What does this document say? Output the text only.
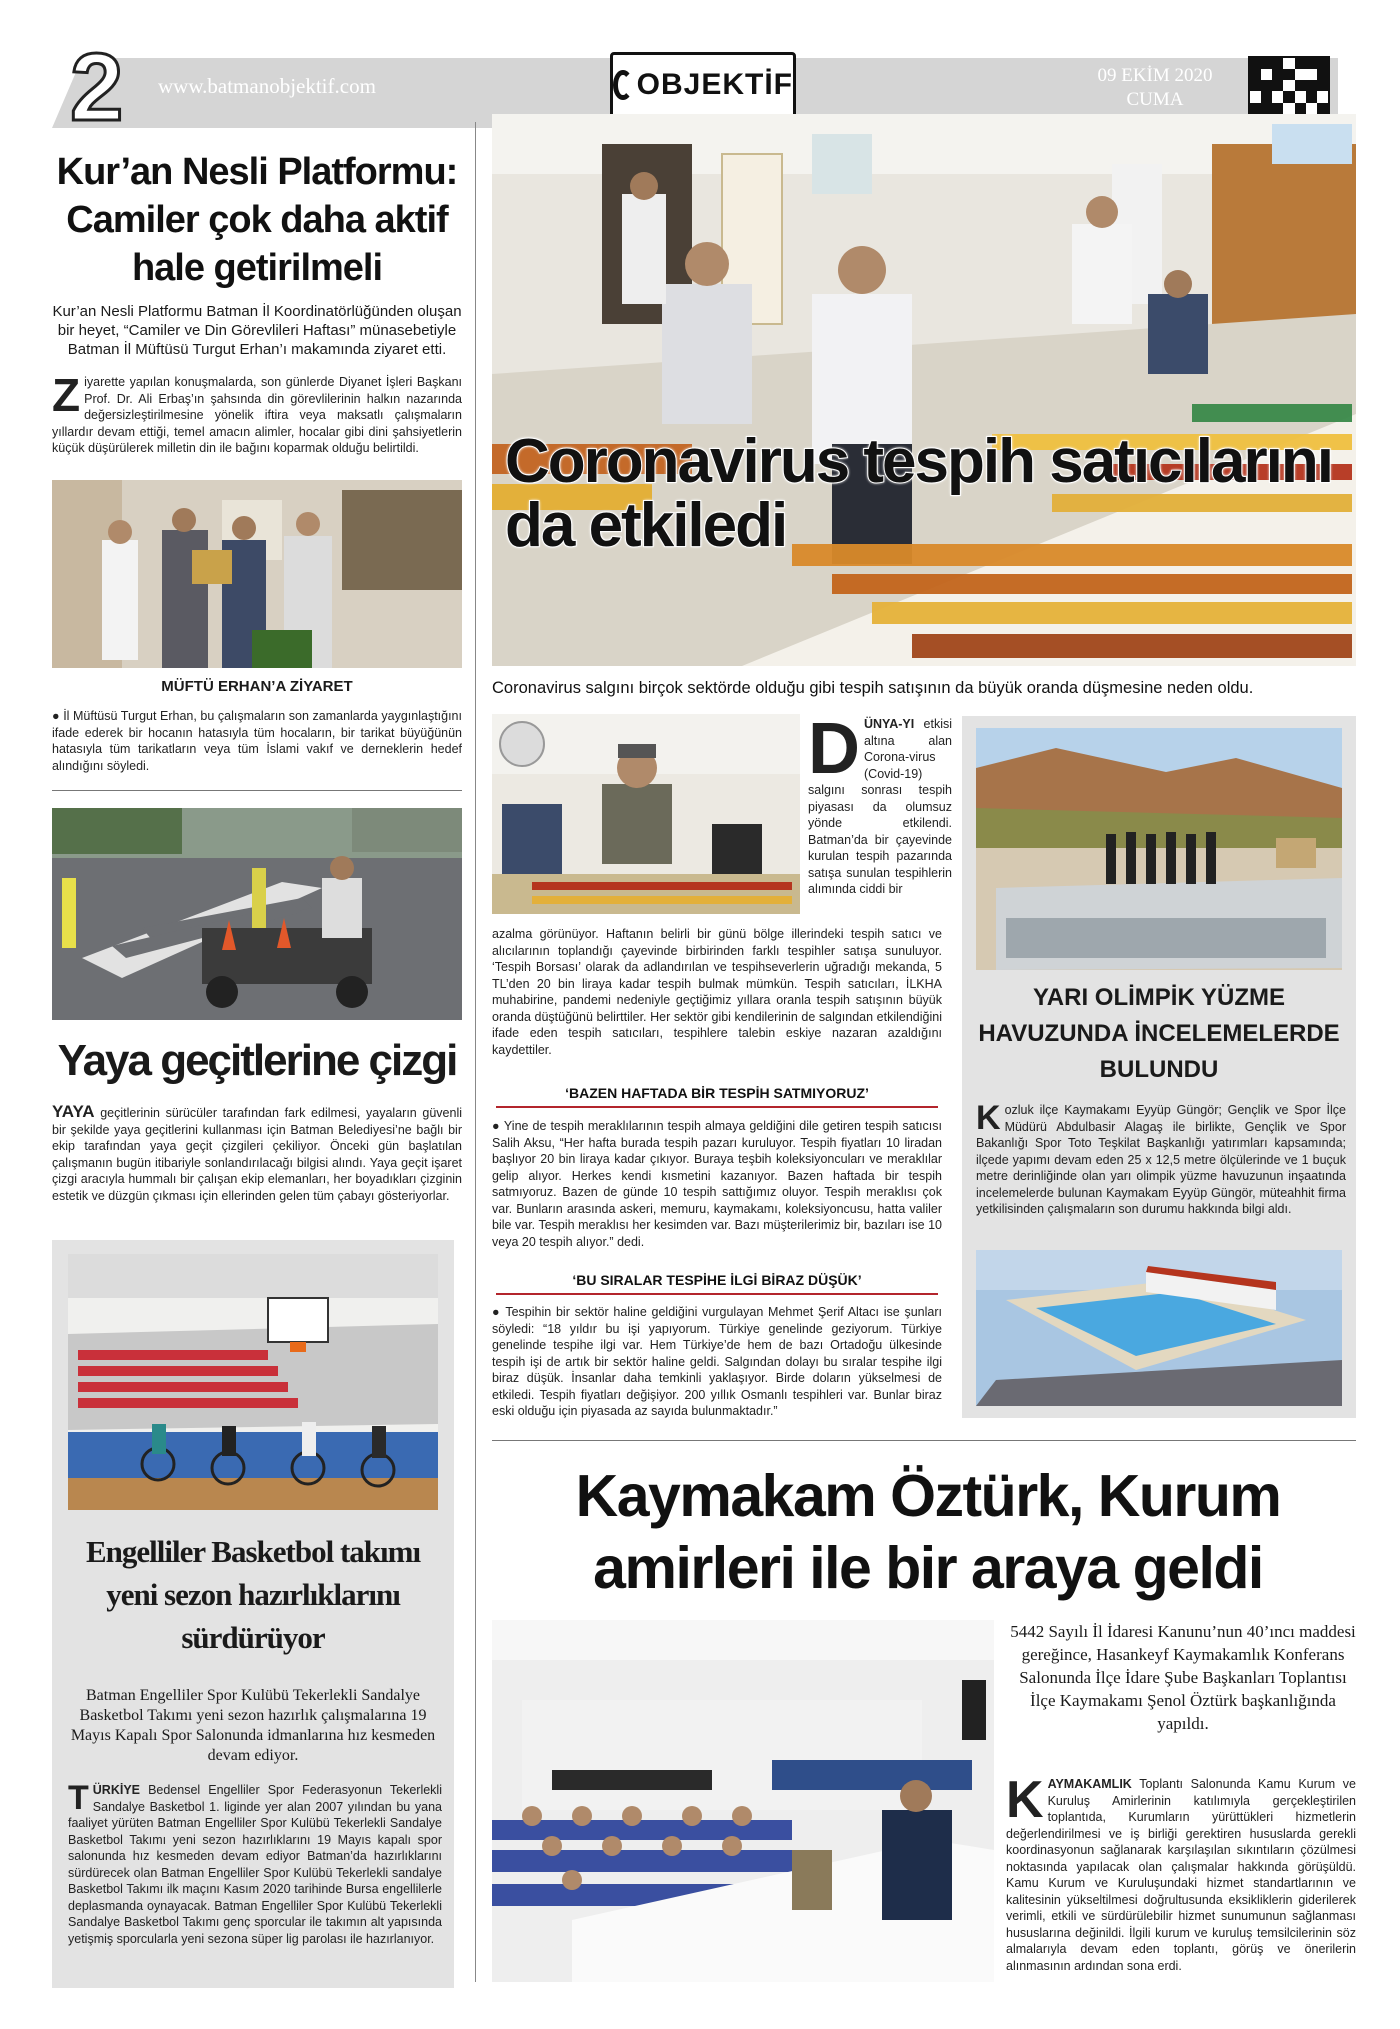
2 www.batmanobjektif.com	OBJEKTİF	09 EKİM 2020
CUMA
Kur’an Nesli Platformu: Camiler çok daha aktif hale getirilmeli

Kur’an Nesli Platformu Batman İl Koordinatörlüğünden oluşan bir heyet, “Camiler ve Din Görevlileri Haftası” münasebetiyle Batman İl Müftüsü Turgut Erhan’ı makamında ziyaret etti.

Ziyarette yapılan konuşmalarda, son günlerde Diyanet İşleri Başkanı Prof. Dr. Ali Erbaş’ın şahsında din görevlilerinin halkın nazarında değersizleştirilmesine yönelik iftira veya maksatlı çalışmaların yıllardır devam ettiği, temel amacın alimler, hocalar gibi dini şahsiyetlerin küçük düşürülerek milletin din ile bağını koparmak olduğu belirtildi.
MÜFTÜ ERHAN’A ZİYARET

● İl Müftüsü Turgut Erhan, bu çalışmaların son zamanlarda yaygınlaştığını ifade ederek bir hocanın hatasıyla tüm hocaların, bir tarikat büyüğünün hatasıyla tüm tarikatların veya tüm İslami vakıf ve derneklerin hedef alındığını söyledi.

Yaya geçitlerine çizgi

YAYA geçitlerinin sürücüler tarafından fark edilmesi, yayaların güvenli bir şekilde yaya geçitlerini kullanması için Batman Belediyesi’ne bağlı bir ekip tarafından yaya geçit çizgileri çekiliyor. Önceki gün başlatılan çalışmanın bugün itibariyle sonlandırılacağı bilgisi alındı. Yaya geçit işaret çizgi aracıyla hummalı bir çalışan ekip elemanları, her boyadıkları çizginin estetik ve düzgün çıkması için ellerinden gelen tüm çabayı gösteriyorlar.

Engelliler Basketbol takımı yeni sezon hazırlıklarını sürdürüyor

Batman Engelliler Spor Kulübü Tekerlekli Sandalye Basketbol Takımı yeni sezon hazırlık çalışmalarına 19 Mayıs Kapalı Spor Salonunda idmanlarına hız kesmeden devam ediyor.

TÜRKİYE Bedensel Engelliler Spor Federasyonun Tekerlekli Sandalye Basketbol 1. liginde yer alan 2007 yılından bu yana faaliyet yürüten Batman Engelliler Spor Kulübü Tekerlekli Sandalye Basketbol Takımı yeni sezon hazırlıklarını 19 Mayıs kapalı spor salonunda hız kesmeden devam ediyor Batman’da hazırlıklarını sürdürecek olan Batman Engelliler Spor Kulübü Tekerlekli sandalye Basketbol Takımı ilk maçını Kasım 2020 tarihinde Bursa engellilerle deplasmanda oynayacak. Batman Engelliler Spor Kulübü Tekerlekli Sandalye Basketbol Takımı genç sporcular ile takımın alt yapısında yetişmiş sporcularla yeni sezona süper lig parolası ile hazırlanıyor.
Coronavirus tespih satıcılarını da etkiledi

Coronavirus salgını birçok sektörde olduğu gibi tespih satışının da büyük oranda düşmesine neden oldu.

DÜNYA-YI etkisi altına alan Corona-virus (Covid-19) salgını sonrası tespih piyasası da olumsuz yönde etkilendi. Batman’da bir çayevinde kurulan tespih pazarında satışa sunulan tespihlerin alımında ciddi bir

azalma görünüyor. Haftanın belirli bir günü bölge illerindeki tespih satıcı ve alıcılarının toplandığı çayevinde birbirinden farklı tespihler satışa sunuluyor. ‘Tespih Borsası’ olarak da adlandırılan ve tespihseverlerin uğradığı mekanda, 5 TL’den 20 bin liraya kadar tespih bulmak mümkün. Tespih satıcıları, İLKHA muhabirine, pandemi nedeniyle geçtiğimiz yıllara oranla tespih satışının büyük oranda düştüğünü belirttiler. Her sektör gibi kendilerinin de salgından etkilendiğini ifade eden tespih satıcıları, tespihlere talebin eskiye nazaran azaldığını kaydettiler.

‘BAZEN HAFTADA BİR TESPİH SATMIYORUZ’

● Yine de tespih meraklılarının tespih almaya geldiğini dile getiren tespih satıcısı Salih Aksu, “Her hafta burada tespih pazarı kuruluyor. Tespih fiyatları 10 liradan başlıyor 20 bin liraya kadar çıkıyor. Buraya teşbih koleksiyoncuları ve meraklılar gelip alıyor. Herkes kendi kısmetini kazanıyor. Bazen haftada bir tespih satmıyoruz. Bazen de günde 10 tespih sattığımız oluyor. Tespih meraklısı çok var. Bunların arasında askeri, memuru, kaymakamı, koleksiyoncusu, hatta valiler bile var. Tespih meraklısı her kesimden var. Bazı müşterilerimiz bir, bazıları ise 10 veya 20 tespih alıyor.” dedi.

‘BU SIRALAR TESPİHE İLGİ BİRAZ DÜŞÜK’

● Tespihin bir sektör haline geldiğini vurgulayan Mehmet Şerif Altacı ise şunları söyledi: “18 yıldır bu işi yapıyorum. Türkiye genelinde geziyorum. Türkiye genelinde tespihe ilgi var. Hem Türkiye’de hem de bazı Ortadoğu ülkesinde tespih işi de artık bir sektör haline geldi. Salgından dolayı bu sıralar tespihe ilgi biraz düşük. İnsanlar daha temkinli yaklaşıyor. Birde doların yükselmesi de etkiledi. Tespih fiyatları değişiyor. 200 yıllık Osmanlı tespihleri var. Bunlar biraz eski olduğu için piyasada az sayıda bulunmaktadır.”

YARI OLİMPİK YÜZME HAVUZUNDA İNCELEMELERDE BULUNDU
Kozluk ilçe Kaymakamı Eyyüp Güngör; Gençlik ve Spor İlçe Müdürü Abdulbasir Alagaş ile birlikte, Gençlik ve Spor Bakanlığı Spor Toto Teşkilat Başkanlığı yatırımları kapsamında; ilçede yapımı devam eden 25 x 12,5 metre ölçülerinde ve 1 buçuk metre derinliğinde olan yarı olimpik yüzme havuzunun inşaatında incelemelerde bulunan Kaymakam Eyyüp Güngör, müteahhit firma yetkilisinden çalışmaların son durumu hakkında bilgi aldı.
Kaymakam Öztürk, Kurum amirleri ile bir araya geldi

5442 Sayılı İl İdaresi Kanunu’nun 40’ıncı maddesi gereğince, Hasankeyf Kaymakamlık Konferans Salonunda İlçe İdare Şube Başkanları Toplantısı İlçe Kaymakamı Şenol Öztürk başkanlığında yapıldı.

KAYMAKAMLIK Toplantı Salonunda Kamu Kurum ve Kuruluş Amirlerinin katılımıyla gerçekleştirilen toplantıda, Kurumların yürüttükleri hizmetlerin değerlendirilmesi ve iş birliği gerektiren hususlarda gerekli koordinasyonun sağlanarak karşılaşılan sıkıntıların çözülmesi noktasında yapılacak olan çalışmalar hakkında görüşüldü. Kamu Kurum ve Kuruluşundaki hizmet standartlarının ve kalitesinin yükseltilmesi doğrultusunda eksikliklerin giderilerek verimli, etkili ve sürdürülebilir hizmet sunumunun sağlanması hususlarına değinildi. İlgili kurum ve kuruluş temsilcilerinin söz almalarıyla devam eden toplantı, görüş ve önerilerin alınmasının ardından sona erdi.
